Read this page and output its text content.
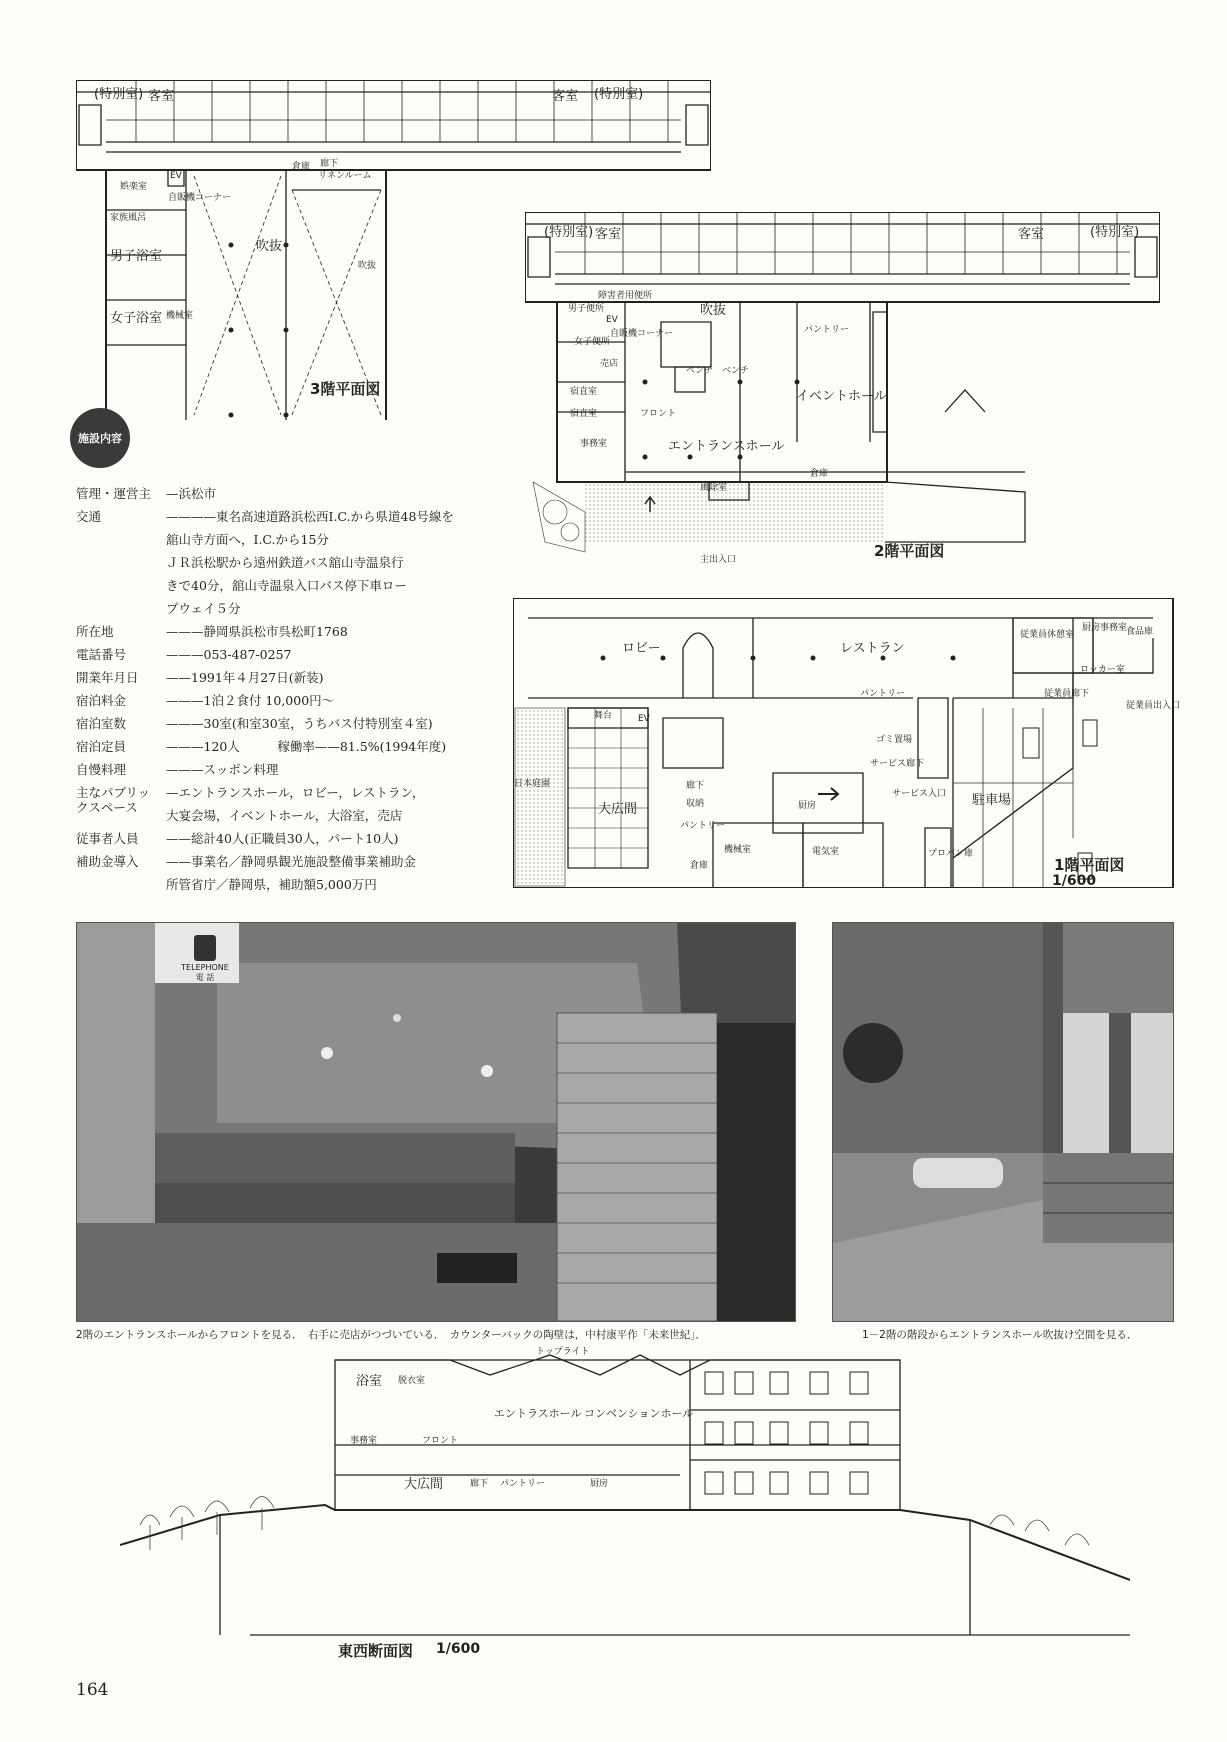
(特別室) 客室	客室 (特別室)
娯楽室
EV
倉庫 廊下
リネンルーム
自販機コーナー
家族風呂
男子浴室
女子浴室
吹抜
吹抜
機械室
3階平面図
(特別室) 客室	客室	(特別室)
障害者用便所
男子便所
EV
自販機コーナー
女子便所
吹抜
ベンチ ベンチ
パントリー
売店
宿直室
宿直室	フロント
事務室
イベントホール
エントランスホール
倉庫
風除室
主出入口	2階平面図
施設内容
管理・運営主	—浜松市
交通	————東名高速道路浜松西I.C.から県道48号線を
舘山寺方面へ，I.C.から15分
ＪＲ浜松駅から遠州鉄道バス舘山寺温泉行
きで40分，舘山寺温泉入口バス停下車ロー
プウェイ５分
所在地	———静岡県浜松市呉松町1768
電話番号	———053-487-0257
開業年月日	——1991年４月27日(新装)
宿泊料金	———1泊２食付 10,000円～
宿泊室数	———30室(和室30室，うちバス付特別室４室)
宿泊定員	———120人　　　稼働率——81.5%(1994年度)
自慢料理	———スッポン料理
主なパブリッ クスペース
—エントランスホール，ロビー，レストラン，
大宴会場，イベントホール，大浴室，売店
従事者人員	——総計40人(正職員30人，パート10人)
補助金導入	——事業名／静岡県観光施設整備事業補助金
所管省庁／静岡県，補助額5,000万円
ロビー	レストラン
従業員休憩室
厨房事務室
食品庫
ロッカー室
従業員廊下
従業員出入口
舞台	EV
パントリー
ゴミ置場
サービス廊下
日本庭園
大広間	厨房
サービス入口 駐車場
パントリー
機械室	電気室	プロパン庫
倉庫
廊下
収納
1階平面図
1/600
TELEPHONE
電 話
2階のエントランスホールからフロントを見る．　右手に売店がつづいている．　カウンターバックの陶壁は，中村康平作「未来世紀」．	1－2階の階段からエントランスホール吹抜け空間を見る．
トップライト
浴室 脱衣室
エントラスホール コンベンションホール
事務室	フロント
大広間	廊下 パントリー	厨房
東西断面図 1/600
164
